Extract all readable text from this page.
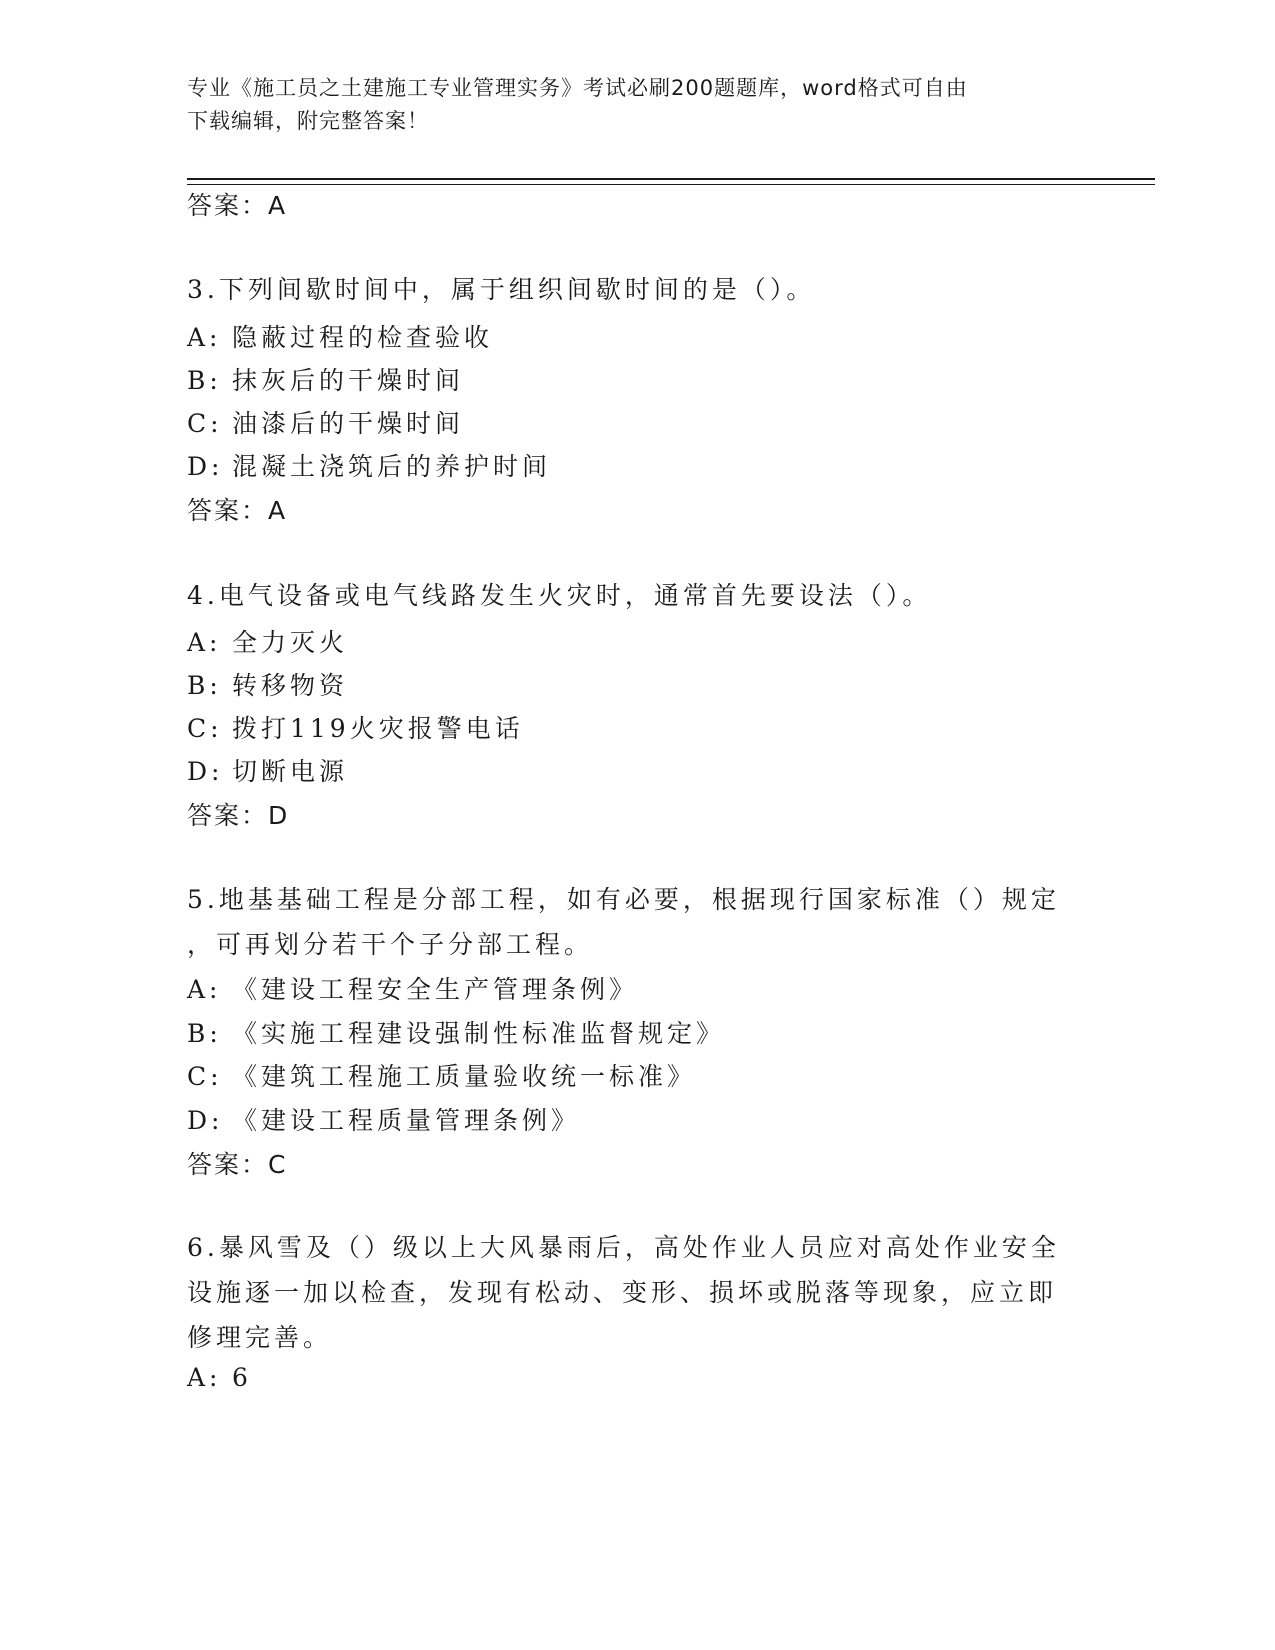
专业《施工员之土建施工专业管理实务》考试必刷200题题库，word格式可自由
下载编辑，附完整答案！
答案：A
3.下列间歇时间中，属于组织间歇时间的是（）。
A: 隐蔽过程的检查验收
B: 抹灰后的干燥时间
C: 油漆后的干燥时间
D: 混凝土浇筑后的养护时间
答案：A
4.电气设备或电气线路发生火灾时，通常首先要设法（）。
A: 全力灭火
B: 转移物资
C: 拨打119火灾报警电话
D: 切断电源
答案：D
5.地基基础工程是分部工程，如有必要，根据现行国家标准（）规定
，可再划分若干个子分部工程。
A: 《建设工程安全生产管理条例》
B: 《实施工程建设强制性标准监督规定》
C: 《建筑工程施工质量验收统一标准》
D: 《建设工程质量管理条例》
答案：C
6.暴风雪及（）级以上大风暴雨后，高处作业人员应对高处作业安全
设施逐一加以检查，发现有松动、变形、损坏或脱落等现象，应立即
修理完善。
A: 6
